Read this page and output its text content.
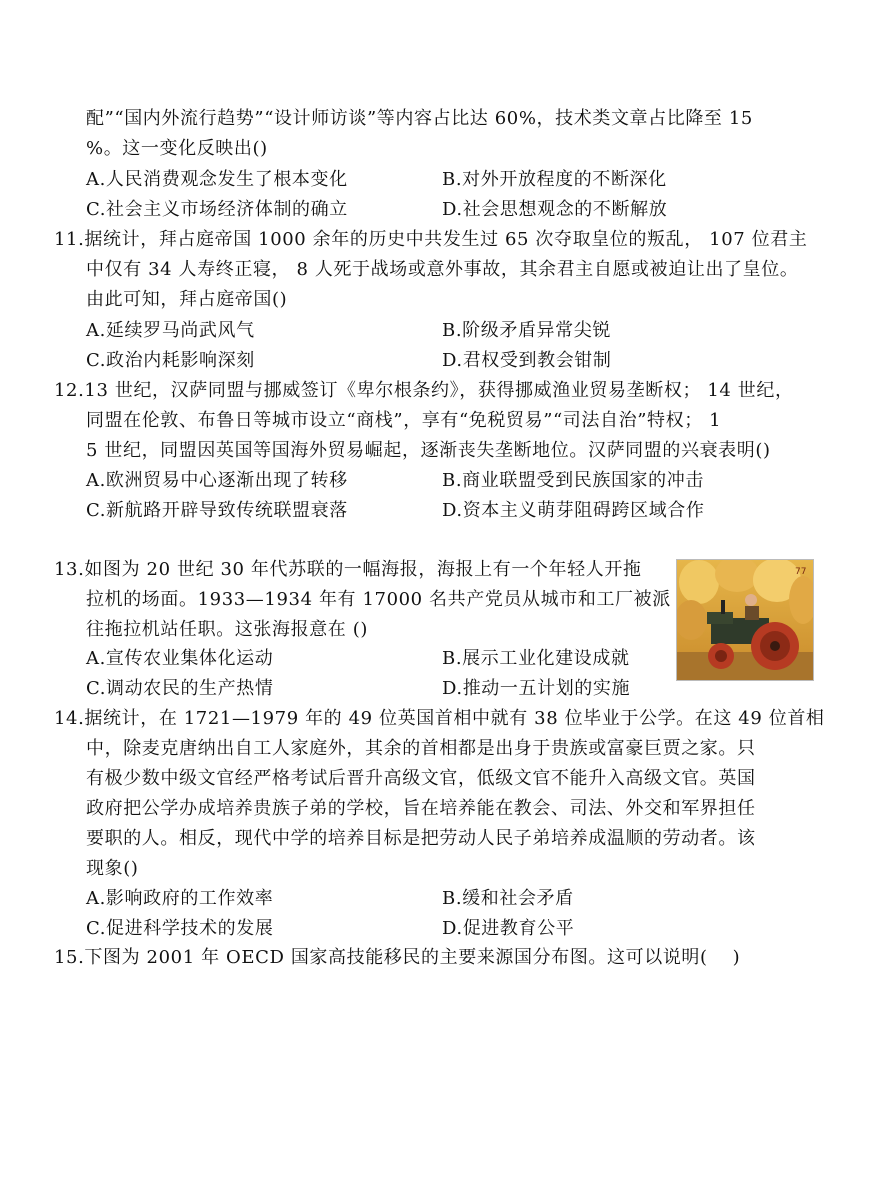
配”“国内外流行趋势”“设计师访谈”等内容占比达 60%，技术类文章占比降至 15
%。这一变化反映出()
A.人民消费观念发生了根本变化	B.对外开放程度的不断深化
C.社会主义市场经济体制的确立	D.社会思想观念的不断解放
11.据统计，拜占庭帝国 1000 余年的历史中共发生过 65 次夺取皇位的叛乱， 107 位君主
中仅有 34 人寿终正寝， 8 人死于战场或意外事故，其余君主自愿或被迫让出了皇位。
由此可知，拜占庭帝国()
A.延续罗马尚武风气	B.阶级矛盾异常尖锐
C.政治内耗影响深刻	D.君权受到教会钳制
12.13 世纪，汉萨同盟与挪威签订《卑尔根条约》，获得挪威渔业贸易垄断权； 14 世纪，
同盟在伦敦、布鲁日等城市设立“商栈”，享有“免税贸易”“司法自治”特权； 1
5 世纪，同盟因英国等国海外贸易崛起，逐渐丧失垄断地位。汉萨同盟的兴衰表明()
A.欧洲贸易中心逐渐出现了转移	B.商业联盟受到民族国家的冲击
C.新航路开辟导致传统联盟衰落	D.资本主义萌芽阻碍跨区域合作
13.如图为 20 世纪 30 年代苏联的一幅海报，海报上有一个年轻人开拖
拉机的场面。1933—1934 年有 17000 名共产党员从城市和工厂被派
往拖拉机站任职。这张海报意在 ()
A.宣传农业集体化运动	B.展示工业化建设成就
C.调动农民的生产热情	D.推动一五计划的实施
77
14.据统计，在 1721—1979 年的 49 位英国首相中就有 38 位毕业于公学。在这 49 位首相
中，除麦克唐纳出自工人家庭外，其余的首相都是出身于贵族或富豪巨贾之家。只
有极少数中级文官经严格考试后晋升高级文官，低级文官不能升入高级文官。英国
政府把公学办成培养贵族子弟的学校，旨在培养能在教会、司法、外交和军界担任
要职的人。相反，现代中学的培养目标是把劳动人民子弟培养成温顺的劳动者。该
现象()
A.影响政府的工作效率	B.缓和社会矛盾
C.促进科学技术的发展	D.促进教育公平
15.下图为 2001 年 OECD 国家高技能移民的主要来源国分布图。这可以说明(　 )
